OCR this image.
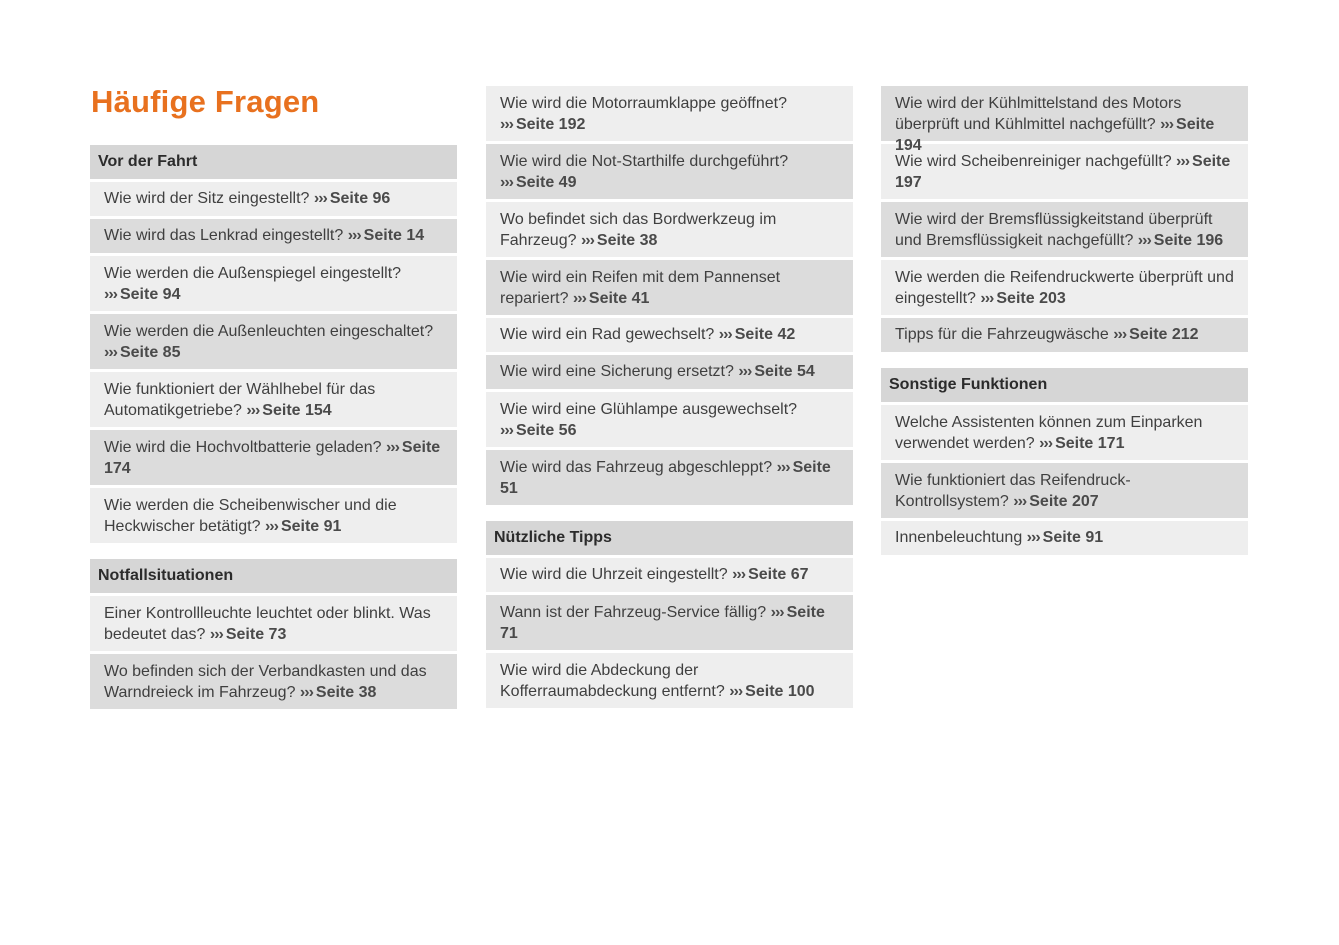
Häufige Fragen
Vor der Fahrt
Wie wird der Sitz eingestellt? ››› Seite 96
Wie wird das Lenkrad eingestellt? ››› Seite 14
Wie werden die Außenspiegel eingestellt? ››› Seite 94
Wie werden die Außenleuchten eingeschaltet? ››› Seite 85
Wie funktioniert der Wählhebel für das Automatikgetriebe? ››› Seite 154
Wie wird die Hochvoltbatterie geladen? ››› Seite 174
Wie werden die Scheibenwischer und die Heckwischer betätigt? ››› Seite 91
Notfallsituationen
Einer Kontrollleuchte leuchtet oder blinkt. Was bedeutet das? ››› Seite 73
Wo befinden sich der Verbandkasten und das Warndreieck im Fahrzeug? ››› Seite 38
Wie wird die Motorraumklappe geöffnet? ››› Seite 192
Wie wird die Not-Starthilfe durchgeführt? ››› Seite 49
Wo befindet sich das Bordwerkzeug im Fahrzeug? ››› Seite 38
Wie wird ein Reifen mit dem Pannenset repariert? ››› Seite 41
Wie wird ein Rad gewechselt? ››› Seite 42
Wie wird eine Sicherung ersetzt? ››› Seite 54
Wie wird eine Glühlampe ausgewechselt? ››› Seite 56
Wie wird das Fahrzeug abgeschleppt? ››› Seite 51
Nützliche Tipps
Wie wird die Uhrzeit eingestellt? ››› Seite 67
Wann ist der Fahrzeug-Service fällig? ››› Seite 71
Wie wird die Abdeckung der Kofferraumabdeckung entfernt? ››› Seite 100
Wie wird der Kühlmittelstand des Motors überprüft und Kühlmittel nachgefüllt? ››› Seite 194
Wie wird Scheibenreiniger nachgefüllt? ››› Seite 197
Wie wird der Bremsflüssigkeitstand überprüft und Bremsflüssigkeit nachgefüllt? ››› Seite 196
Wie werden die Reifendruckwerte überprüft und eingestellt? ››› Seite 203
Tipps für die Fahrzeugwäsche ››› Seite 212
Sonstige Funktionen
Welche Assistenten können zum Einparken verwendet werden? ››› Seite 171
Wie funktioniert das Reifendruck-Kontrollsystem? ››› Seite 207
Innenbeleuchtung ››› Seite 91
